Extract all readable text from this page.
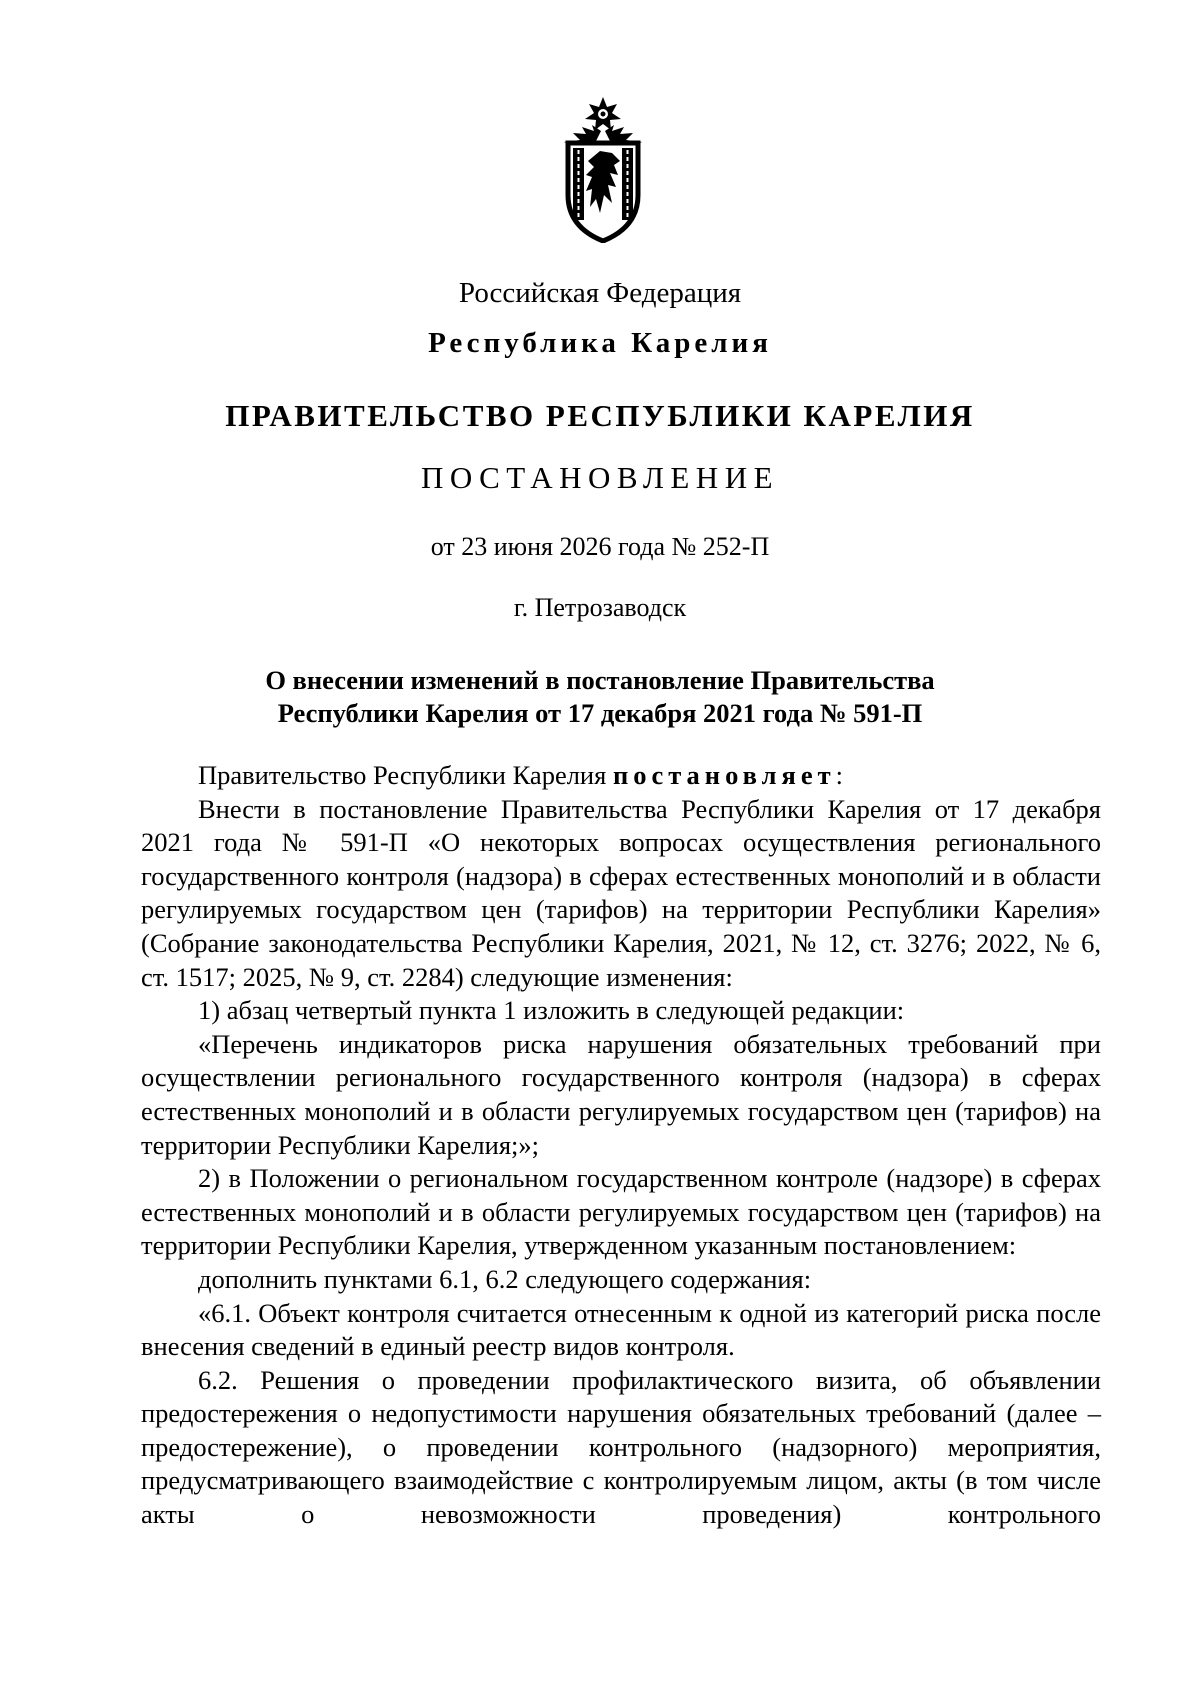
Российская Федерация
Республика Карелия
ПРАВИТЕЛЬСТВО РЕСПУБЛИКИ КАРЕЛИЯ
ПОСТАНОВЛЕНИЕ
от 23 июня 2026 года № 252-П
г. Петрозаводск
О внесении изменений в постановление Правительства
Республики Карелия от 17 декабря 2021 года № 591-П

Правительство Республики Карелия постановляет:

Внести в постановление Правительства Республики Карелия от 17 декабря 2021 года № 591-П «О некоторых вопросах осуществления регионального государственного контроля (надзора) в сферах естественных монополий и в области регулируемых государством цен (тарифов) на территории Республики Карелия» (Собрание законодательства Республики Карелия, 2021, № 12, ст. 3276; 2022, № 6, ст. 1517; 2025, № 9, ст. 2284) следующие изменения:

1) абзац четвертый пункта 1 изложить в следующей редакции:

«Перечень индикаторов риска нарушения обязательных требований при осуществлении регионального государственного контроля (надзора) в сферах естественных монополий и в области регулируемых государством цен (тарифов) на территории Республики Карелия;»;

2) в Положении о региональном государственном контроле (надзоре) в сферах естественных монополий и в области регулируемых государством цен (тарифов) на территории Республики Карелия, утвержденном указанным постановлением:

дополнить пунктами 6.1, 6.2 следующего содержания:

«6.1. Объект контроля считается отнесенным к одной из категорий риска после внесения сведений в единый реестр видов контроля.

6.2. Решения о проведении профилактического визита, об объявлении предостережения о недопустимости нарушения обязательных требований (далее – предостережение), о проведении контрольного (надзорного) мероприятия, предусматривающего взаимодействие с контролируемым лицом, акты (в том числе акты о невозможности проведения) контрольного
